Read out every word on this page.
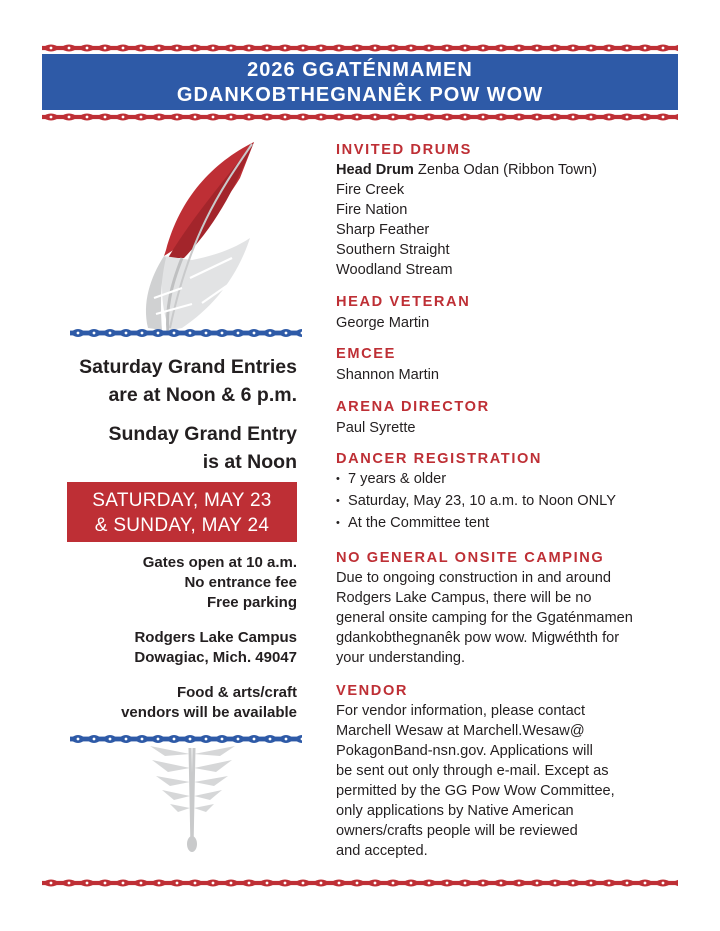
2026 GGATÉNMAMEN
GDANKOBTHEGNANÊK POW WOW
Saturday Grand Entries
are at Noon & 6 p.m.
Sunday Grand Entry
is at Noon
SATURDAY, MAY 23
& SUNDAY, MAY 24
Gates open at 10 a.m.
No entrance fee
Free parking
Rodgers Lake Campus
Dowagiac, Mich. 49047
Food & arts/craft
vendors will be available

INVITED DRUMS

Head Drum Zenba Odan (Ribbon Town)

Fire Creek

Fire Nation

Sharp Feather

Southern Straight

Woodland Stream

HEAD VETERAN

George Martin

EMCEE

Shannon Martin

ARENA DIRECTOR

Paul Syrette

DANCER REGISTRATION

• 7 years & older
• Saturday, May 23, 10 a.m. to Noon ONLY
• At the Committee tent

NO GENERAL ONSITE CAMPING

Due to ongoing construction in and around

Rodgers Lake Campus, there will be no

general onsite camping for the Ggaténmamen

gdankobthegnanêk pow wow. Migwéthth for

your understanding.

VENDOR

For vendor information, please contact

Marchell Wesaw at Marchell.Wesaw@

PokagonBand-nsn.gov. Applications will

be sent out only through e-mail. Except as

permitted by the GG Pow Wow Committee,

only applications by Native American

owners/crafts people will be reviewed

and accepted.
